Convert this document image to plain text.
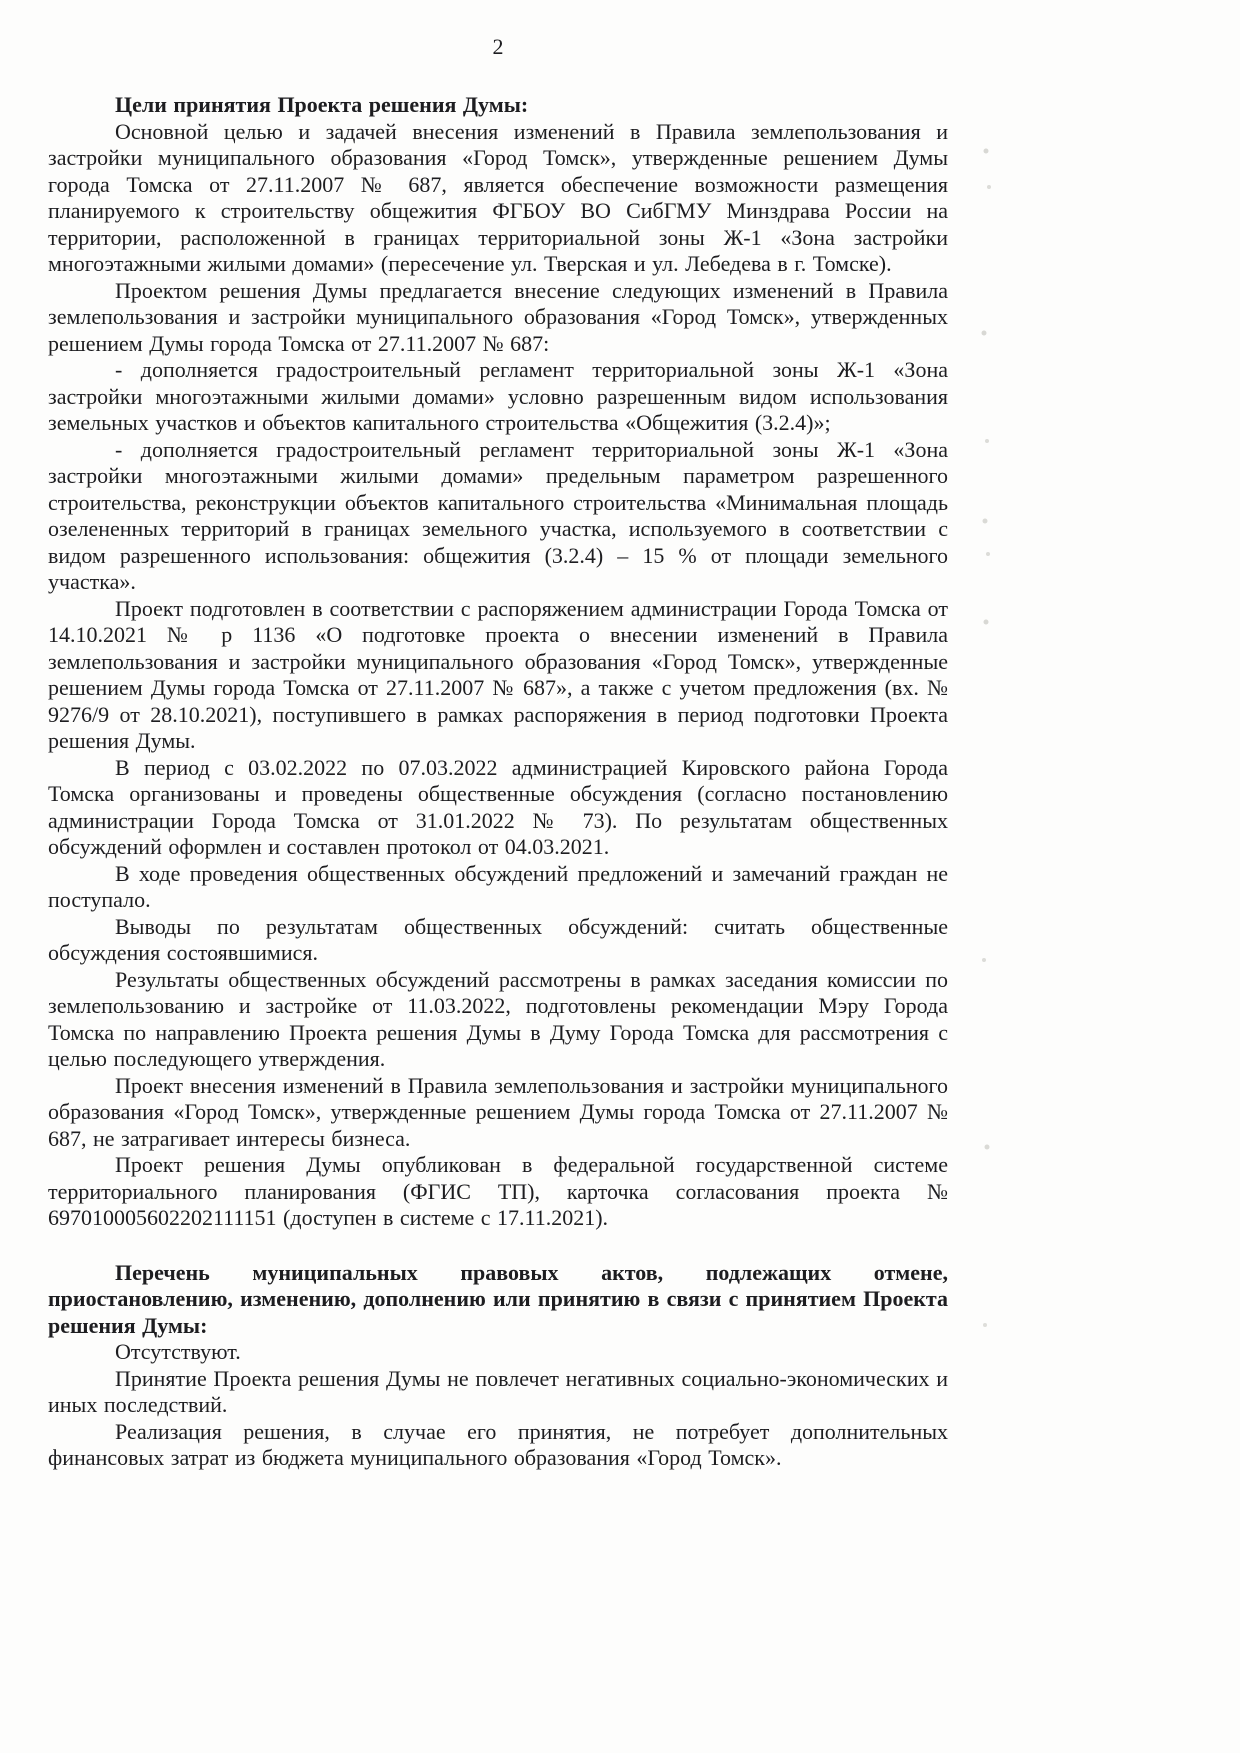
2

Цели принятия Проекта решения Думы:

Основной целью и задачей внесения изменений в Правила землепользования и застройки муниципального образования «Город Томск», утвержденные решением Думы города Томска от 27.11.2007 № 687, является обеспечение возможности размещения планируемого к строительству общежития ФГБОУ ВО СибГМУ Минздрава России на территории, расположенной в границах территориальной зоны Ж-1 «Зона застройки многоэтажными жилыми домами» (пересечение ул. Тверская и ул. Лебедева в г. Томске).

Проектом решения Думы предлагается внесение следующих изменений в Правила землепользования и застройки муниципального образования «Город Томск», утвержденных решением Думы города Томска от 27.11.2007 № 687:

- дополняется градостроительный регламент территориальной зоны Ж-1 «Зона застройки многоэтажными жилыми домами» условно разрешенным видом использования земельных участков и объектов капитального строительства «Общежития (3.2.4)»;

- дополняется градостроительный регламент территориальной зоны Ж-1 «Зона застройки многоэтажными жилыми домами» предельным параметром разрешенного строительства, реконструкции объектов капитального строительства «Минимальная площадь озелененных территорий в границах земельного участка, используемого в соответствии с видом разрешенного использования: общежития (3.2.4) – 15 % от площади земельного участка».

Проект подготовлен в соответствии с распоряжением администрации Города Томска от 14.10.2021 № р 1136 «О подготовке проекта о внесении изменений в Правила землепользования и застройки муниципального образования «Город Томск», утвержденные решением Думы города Томска от 27.11.2007 № 687», а также с учетом предложения (вх. № 9276/9 от 28.10.2021), поступившего в рамках распоряжения в период подготовки Проекта решения Думы.

В период с 03.02.2022 по 07.03.2022 администрацией Кировского района Города Томска организованы и проведены общественные обсуждения (согласно постановлению администрации Города Томска от 31.01.2022 № 73). По результатам общественных обсуждений оформлен и составлен протокол от 04.03.2021.

В ходе проведения общественных обсуждений предложений и замечаний граждан не поступало.

Выводы по результатам общественных обсуждений: считать общественные обсуждения состоявшимися.

Результаты общественных обсуждений рассмотрены в рамках заседания комиссии по землепользованию и застройке от 11.03.2022, подготовлены рекомендации Мэру Города Томска по направлению Проекта решения Думы в Думу Города Томска для рассмотрения с целью последующего утверждения.

Проект внесения изменений в Правила землепользования и застройки муниципального образования «Город Томск», утвержденные решением Думы города Томска от 27.11.2007 № 687, не затрагивает интересы бизнеса.

Проект решения Думы опубликован в федеральной государственной системе территориального планирования (ФГИС ТП), карточка согласования проекта № 697010005602202111151 (доступен в системе с 17.11.2021).

Перечень муниципальных правовых актов, подлежащих отмене, приостановлению, изменению, дополнению или принятию в связи с принятием Проекта решения Думы:

Отсутствуют.

Принятие Проекта решения Думы не повлечет негативных социально-экономических и иных последствий.

Реализация решения, в случае его принятия, не потребует дополнительных финансовых затрат из бюджета муниципального образования «Город Томск».
